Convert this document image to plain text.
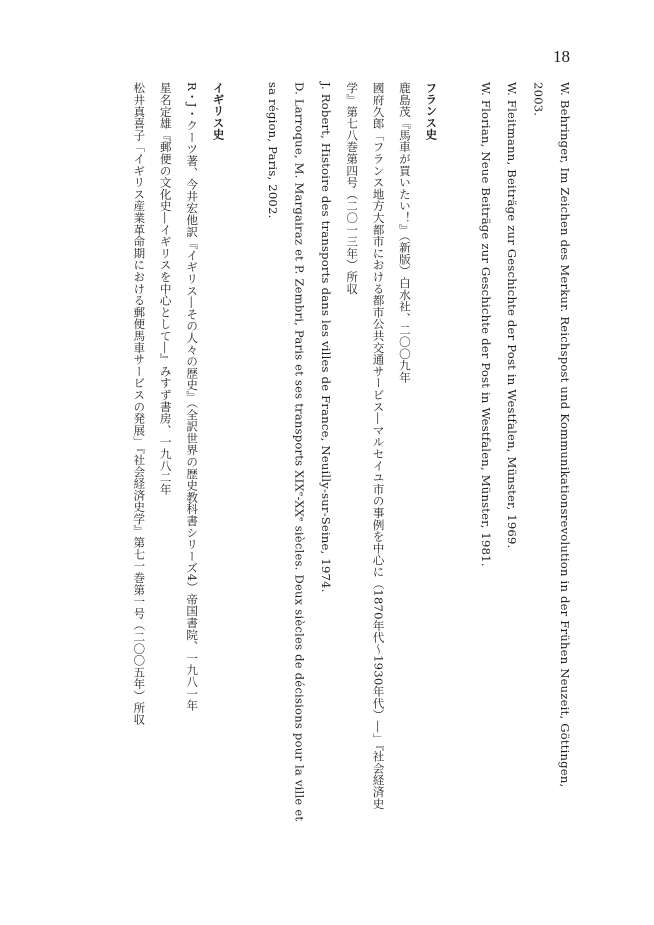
18

W. Behringer, Im Zeichen des Merkur. Reichspost und Kommunikationsrevolution in der Frühen Neuzeit, Göttingen, 2003.

W. Fleitmann, Beiträge zur Geschichte der Post in Westfalen, Münster, 1969.

W. Florian, Neue Beiträge zur Geschichte der Post in Westfalen, Münster, 1981.

フランス史

鹿島茂『馬車が買いたい！』（新版）白水社、二〇〇九年

國府久郎「フランス地方大都市における都市公共交通サービス―マルセイユ市の事例を中心に（1870年代～1930年代）―」『社会経済史学』第七八巻第四号（二〇一三年）所収

J. Robert, Histoire des transports dans les villes de France, Neuilly-sur-Seine, 1974.

D. Larroque, M. Margairaz et P. Zembri, Paris et ses transports XIXᵉ-XXᵉ siècles. Deux siècles de décisions pour la ville et sa région, Paris, 2002.

イギリス史

R・J・クーツ著、今井宏他訳『イギリス―その人々の歴史』（全訳世界の歴史教科書シリーズ4）帝国書院、一九八一年

星名定雄『郵便の文化史―イギリスを中心として―』みすず書房、一九八二年

松井真喜子「イギリス産業革命期における郵便馬車サービスの発展」『社会経済史学』第七一巻第一号（二〇〇五年）所収
